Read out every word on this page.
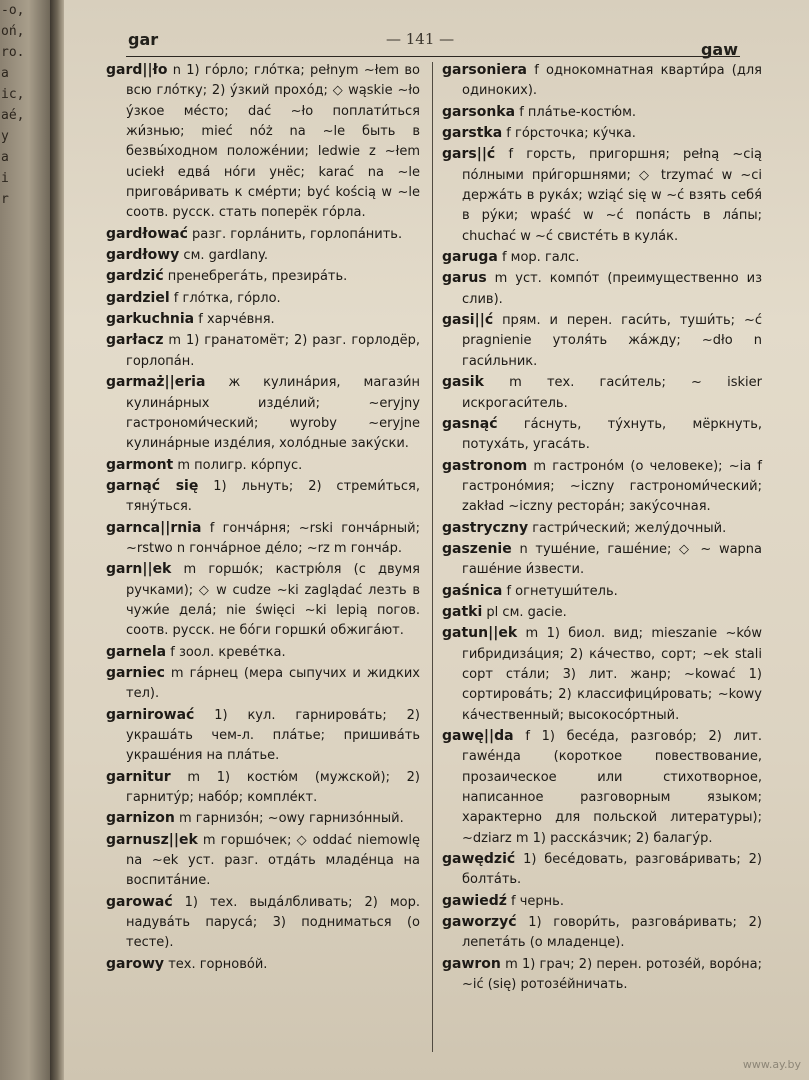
-o,
oń,
ro.
a
ic,
aé,
y
a
i
r
gar	— 141 —
gaw

gard||ło n 1) го́рло; гло́тка; pełnym ~łem во всю гло́тку; 2) у́зкий прохо́д; ◇ wąskie ~ło у́зкое ме́сто; dać ~ło поплати́ться жи́знью; mieć nóż na ~le быть в безвы́ходном положе́нии; ledwie z ~łem uciekł едва́ но́ги унёс; karać na ~le пригова́ривать к сме́рти; być kością w ~le соотв. русск. стать поперёк го́рла.

gardłować разг. горла́нить, горлопа́нить.

gardłowy см. gardlany.

gardzić пренебрега́ть, презира́ть.

gardziel f гло́тка, го́рло.

garkuchnia f харче́вня.

garłacz m 1) гранатомёт; 2) разг. горлодёр, горлопа́н.

garmaż||eria ж кулина́рия, магази́н кулина́рных изде́лий; ~eryjny гастрономи́ческий; wyroby ~eryjne кулина́рные изде́лия, холо́дные заку́ски.

garmont m полигр. ко́рпус.

garnąć się 1) льнуть; 2) стреми́ться, тяну́ться.

garnca||rnia f гонча́рня; ~rski гонча́рный; ~rstwo n гонча́рное де́ло; ~rz m гонча́р.

garn||ek m горшо́к; кастрю́ля (с двумя ручками); ◇ w cudze ~ki zaglądać лезть в чужи́е дела́; nie święci ~ki lepią погов. соотв. русск. не бо́ги горшки́ обжига́ют.

garnela f зоол. креве́тка.

garniec m га́рнец (мера сыпучих и жидких тел).

garnirować 1) кул. гарнирова́ть; 2) украша́ть чем-л. пла́тье; пришива́ть украше́ния на пла́тье.

garnitur m 1) костю́м (мужской); 2) гарниту́р; набо́р; компле́кт.

garnizon m гарнизо́н; ~owy гарнизо́нный.

garnusz||ek m горшо́чек; ◇ oddać niemowlę na ~ek уст. разг. отда́ть младе́нца на воспита́ние.

garować 1) тех. выда́лбливать; 2) мор. надува́ть паруса́; 3) подниматься (о тесте).

garowy тех. горново́й.

garsoniera f однокомнатная кварти́ра (для одиноких).

garsonka f пла́тье-костю́м.

garstka f го́рсточка; ку́чка.

gars||ć f горсть, пригоршня; pełną ~cią по́лными при́горшнями; ◇ trzymać w ~ci держа́ть в рука́х; wziąć się w ~ć взять себя́ в ру́ки; wpaść w ~ć попа́сть в ла́пы; chuchać w ~ć свисте́ть в кула́к.

garuga f мор. галс.

garus m уст. компо́т (преимущественно из слив).

gasi||ć прям. и перен. гаси́ть, туши́ть; ~ć pragnienie утоля́ть жа́жду; ~dło n гаси́льник.

gasik m тех. гаси́тель; ~ iskier искрогаси́тель.

gasnąć га́снуть, ту́хнуть, мёркнуть, потуха́ть, угаса́ть.

gastronom m гастроно́м (о человеке); ~ia f гастроно́мия; ~iczny гастрономи́ческий; zakład ~iczny рестора́н; заку́сочная.

gastryczny гастри́ческий; желу́дочный.

gaszenie n туше́ние, гаше́ние; ◇ ~ wapna гаше́ние и́звести.

gaśnica f огнетуши́тель.

gatki pl см. gacie.

gatun||ek m 1) биол. вид; mieszanie ~ków гибридиза́ция; 2) ка́чество, сорт; ~ek stali сорт ста́ли; 3) лит. жанр; ~kować 1) сортирова́ть; 2) классифици́ровать; ~kowy ка́чественный; высокосо́ртный.

gawę||da f 1) бесе́да, разгово́р; 2) лит. гаwе́нда (короткое повествование, прозаическое или стихотворное, написанное разговорным языком; характерно для польской литературы); ~dziarz m 1) расска́зчик; 2) балагу́р.

gawędzić 1) бесе́довать, разгова́ривать; 2) болта́ть.

gawiedź f чернь.

gaworzyć 1) говори́ть, разгова́ривать; 2) лепета́ть (о младенце).

gawron m 1) грач; 2) перен. ротозе́й, воро́на; ~ić (się) ротозе́йничать.

www.ay.by
